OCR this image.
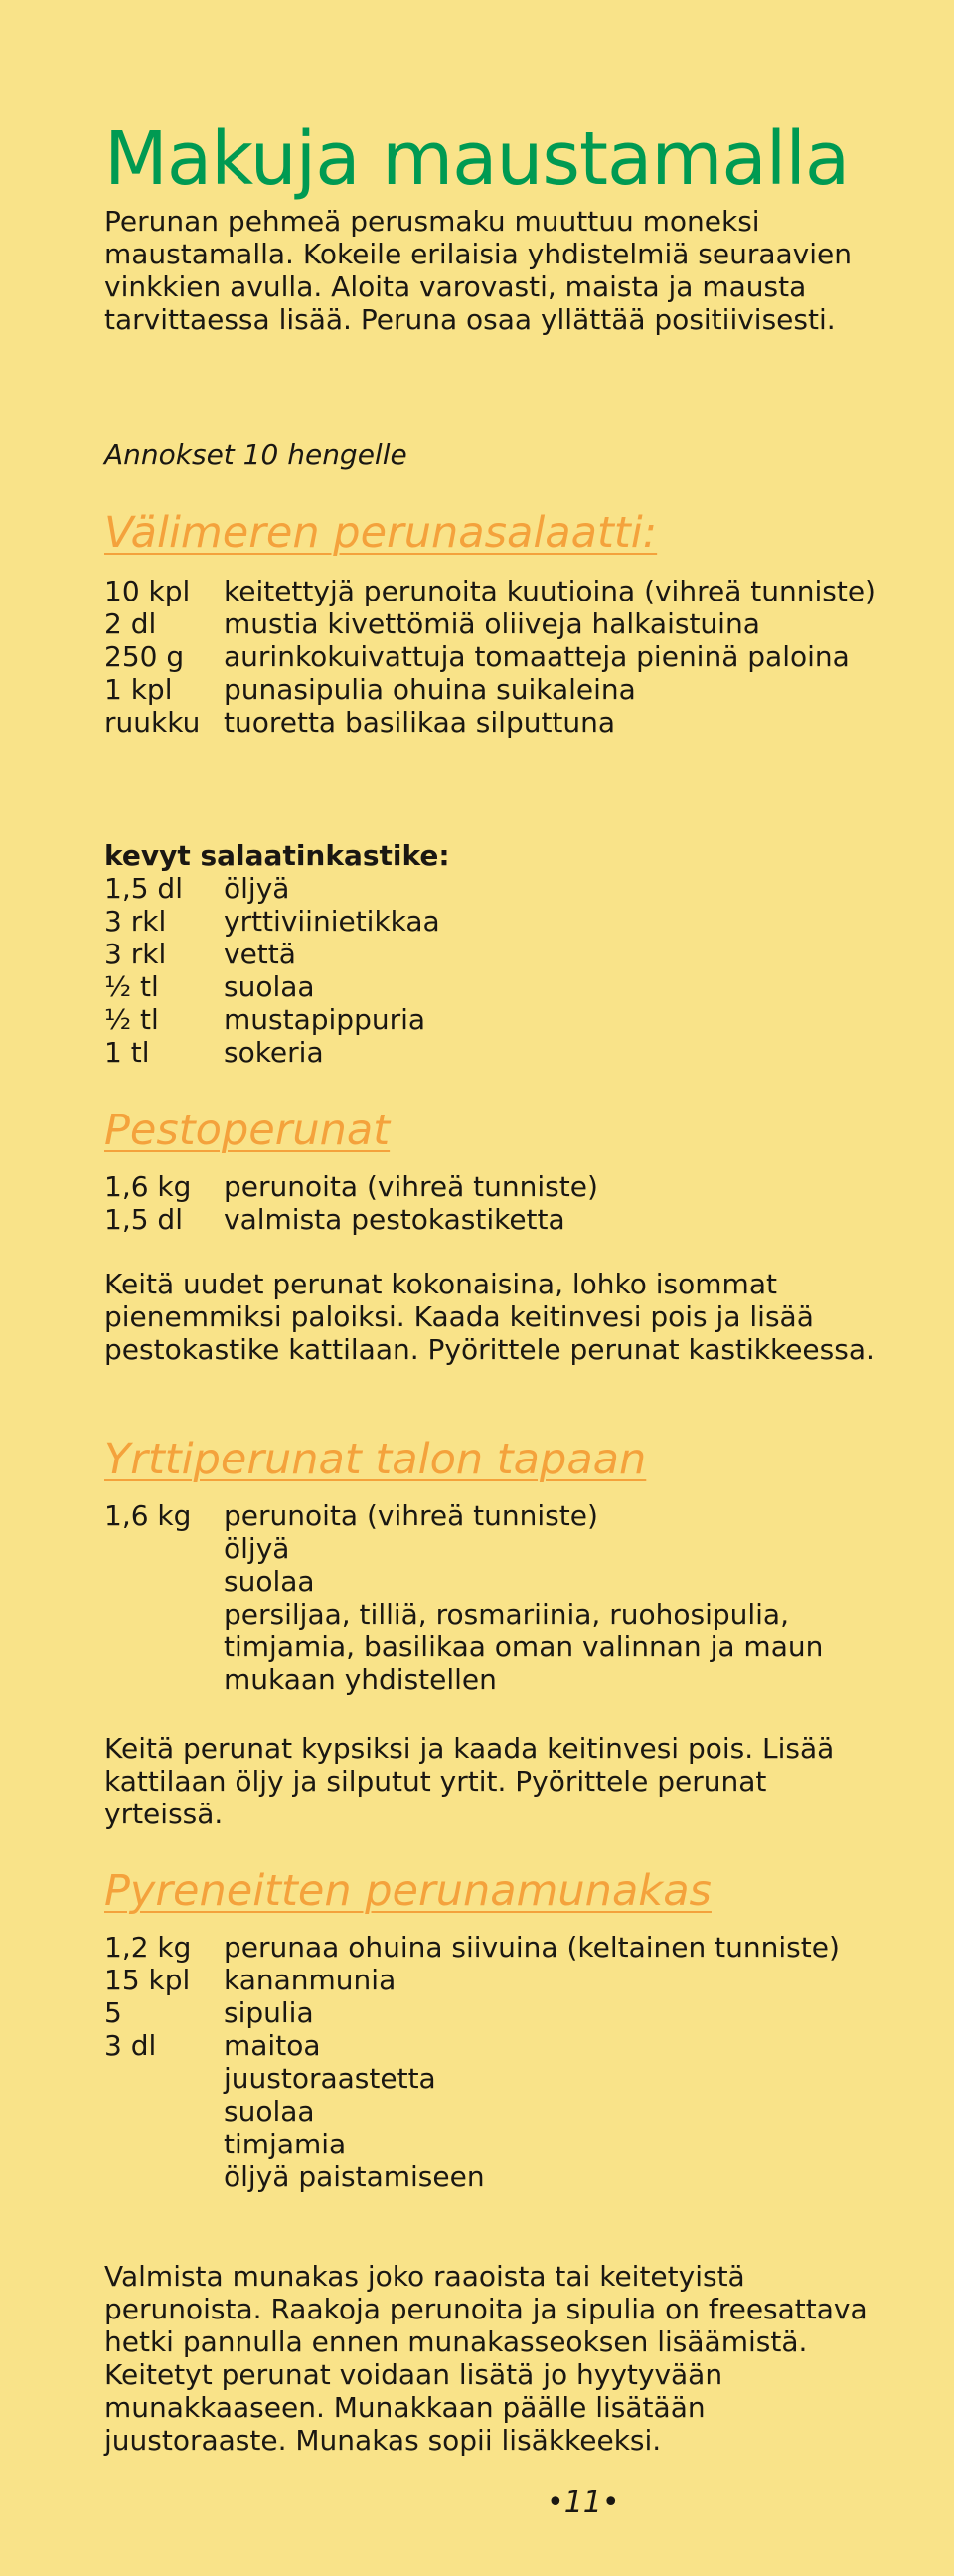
Makuja maustamalla

Perunan pehmeä perusmaku muuttuu moneksi maustamalla. Kokeile erilaisia yhdistelmiä seuraavien vinkkien avulla. Aloita varovasti, maista ja mausta tarvittaessa lisää. Peruna osaa yllättää positiivisesti.

Annokset 10 hengelle

Välimeren perunasalaatti:
10 kpl	keitettyjä perunoita kuutioina (vihreä tunniste)
2 dl	mustia kivettömiä oliiveja halkaistuina
250 g	aurinkokuivattuja tomaatteja pieninä paloina
1 kpl	punasipulia ohuina suikaleina
ruukku tuoretta basilikaa silputtuna

kevyt salaatinkastike:

1,5 dl	öljyä
3 rkl	yrttiviinietikkaa
3 rkl	vettä
½ tl	suolaa
½ tl	mustapippuria
1 tl	sokeria
Pestoperunat
1,6 kg	perunoita (vihreä tunniste)
1,5 dl	valmista pestokastiketta

Keitä uudet perunat kokonaisina, lohko isommat pienemmiksi paloiksi. Kaada keitinvesi pois ja lisää pestokastike kattilaan. Pyörittele perunat kastikkeessa.

Yrttiperunat talon tapaan
1,6 kg	perunoita (vihreä tunniste)
öljyä
suolaa
persiljaa, tilliä, rosmariinia, ruohosipulia, timjamia, basilikaa oman valinnan ja maun mukaan yhdistellen

Keitä perunat kypsiksi ja kaada keitinvesi pois. Lisää kattilaan öljy ja silputut yrtit. Pyörittele perunat yrteissä.

Pyreneitten perunamunakas
1,2 kg	perunaa ohuina siivuina (keltainen tunniste)
15 kpl	kananmunia
5	sipulia
3 dl	maitoa
juustoraastetta
suolaa
timjamia
öljyä paistamiseen

Valmista munakas joko raaoista tai keitetyistä perunoista. Raakoja perunoita ja sipulia on freesattava hetki pannulla ennen munakasseoksen lisäämistä. Keitetyt perunat voidaan lisätä jo hyytyvään munakkaaseen. Munakkaan päälle lisätään juustoraaste. Munakas sopii lisäkkeeksi.

•11•
